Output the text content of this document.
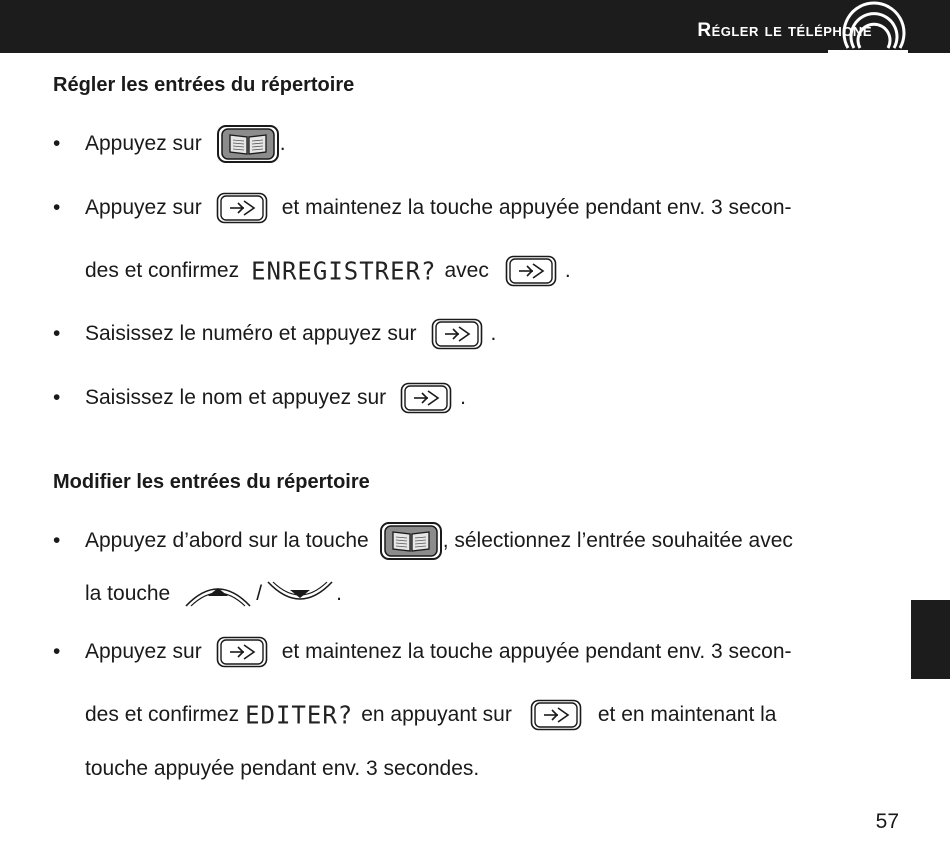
Régler le téléphone
Régler les entrées du répertoire
•	Appuyez sur	.
•	Appuyez sur	et maintenez la touche appuyée pendant env. 3 secon-
des et confirmez ENREGISTRER? avec	.
•	Saisissez le numéro et appuyez sur	.
•	Saisissez le nom et appuyez sur	.
Modifier les entrées du répertoire
•	Appuyez d’abord sur la touche	, sélectionnez l’entrée souhaitée avec
la touche	/	.
•	Appuyez sur	et maintenez la touche appuyée pendant env. 3 secon-
des et confirmez EDITER? en appuyant sur	et en maintenant la
touche appuyée pendant env. 3 secondes.
57
